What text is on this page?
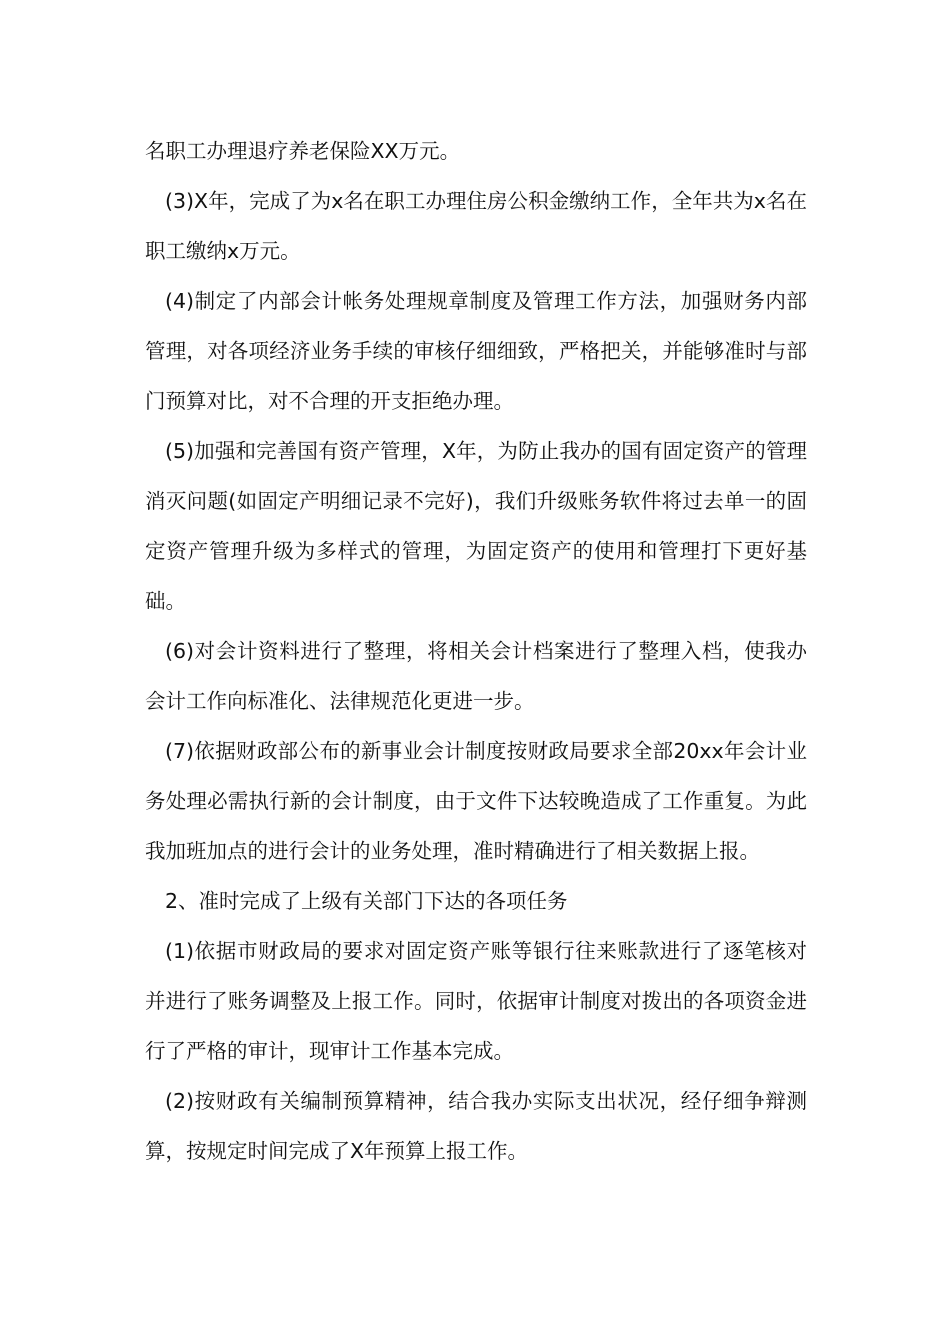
名职工办理退疗养老保险XX万元。

(3)X年，完成了为x名在职工办理住房公积金缴纳工作，全年共为x名在职工缴纳x万元。

(4)制定了内部会计帐务处理规章制度及管理工作方法，加强财务内部管理，对各项经济业务手续的审核仔细细致，严格把关，并能够准时与部门预算对比，对不合理的开支拒绝办理。

(5)加强和完善国有资产管理，X年，为防止我办的国有固定资产的管理消灭问题(如固定产明细记录不完好)，我们升级账务软件将过去单一的固定资产管理升级为多样式的管理，为固定资产的使用和管理打下更好基础。

(6)对会计资料进行了整理，将相关会计档案进行了整理入档，使我办会计工作向标准化、法律规范化更进一步。

(7)依据财政部公布的新事业会计制度按财政局要求全部20xx年会计业务处理必需执行新的会计制度，由于文件下达较晚造成了工作重复。为此我加班加点的进行会计的业务处理，准时精确进行了相关数据上报。

2、准时完成了上级有关部门下达的各项任务

(1)依据市财政局的要求对固定资产账等银行往来账款进行了逐笔核对并进行了账务调整及上报工作。同时，依据审计制度对拨出的各项资金进行了严格的审计，现审计工作基本完成。

(2)按财政有关编制预算精神，结合我办实际支出状况，经仔细争辩测算，按规定时间完成了X年预算上报工作。
